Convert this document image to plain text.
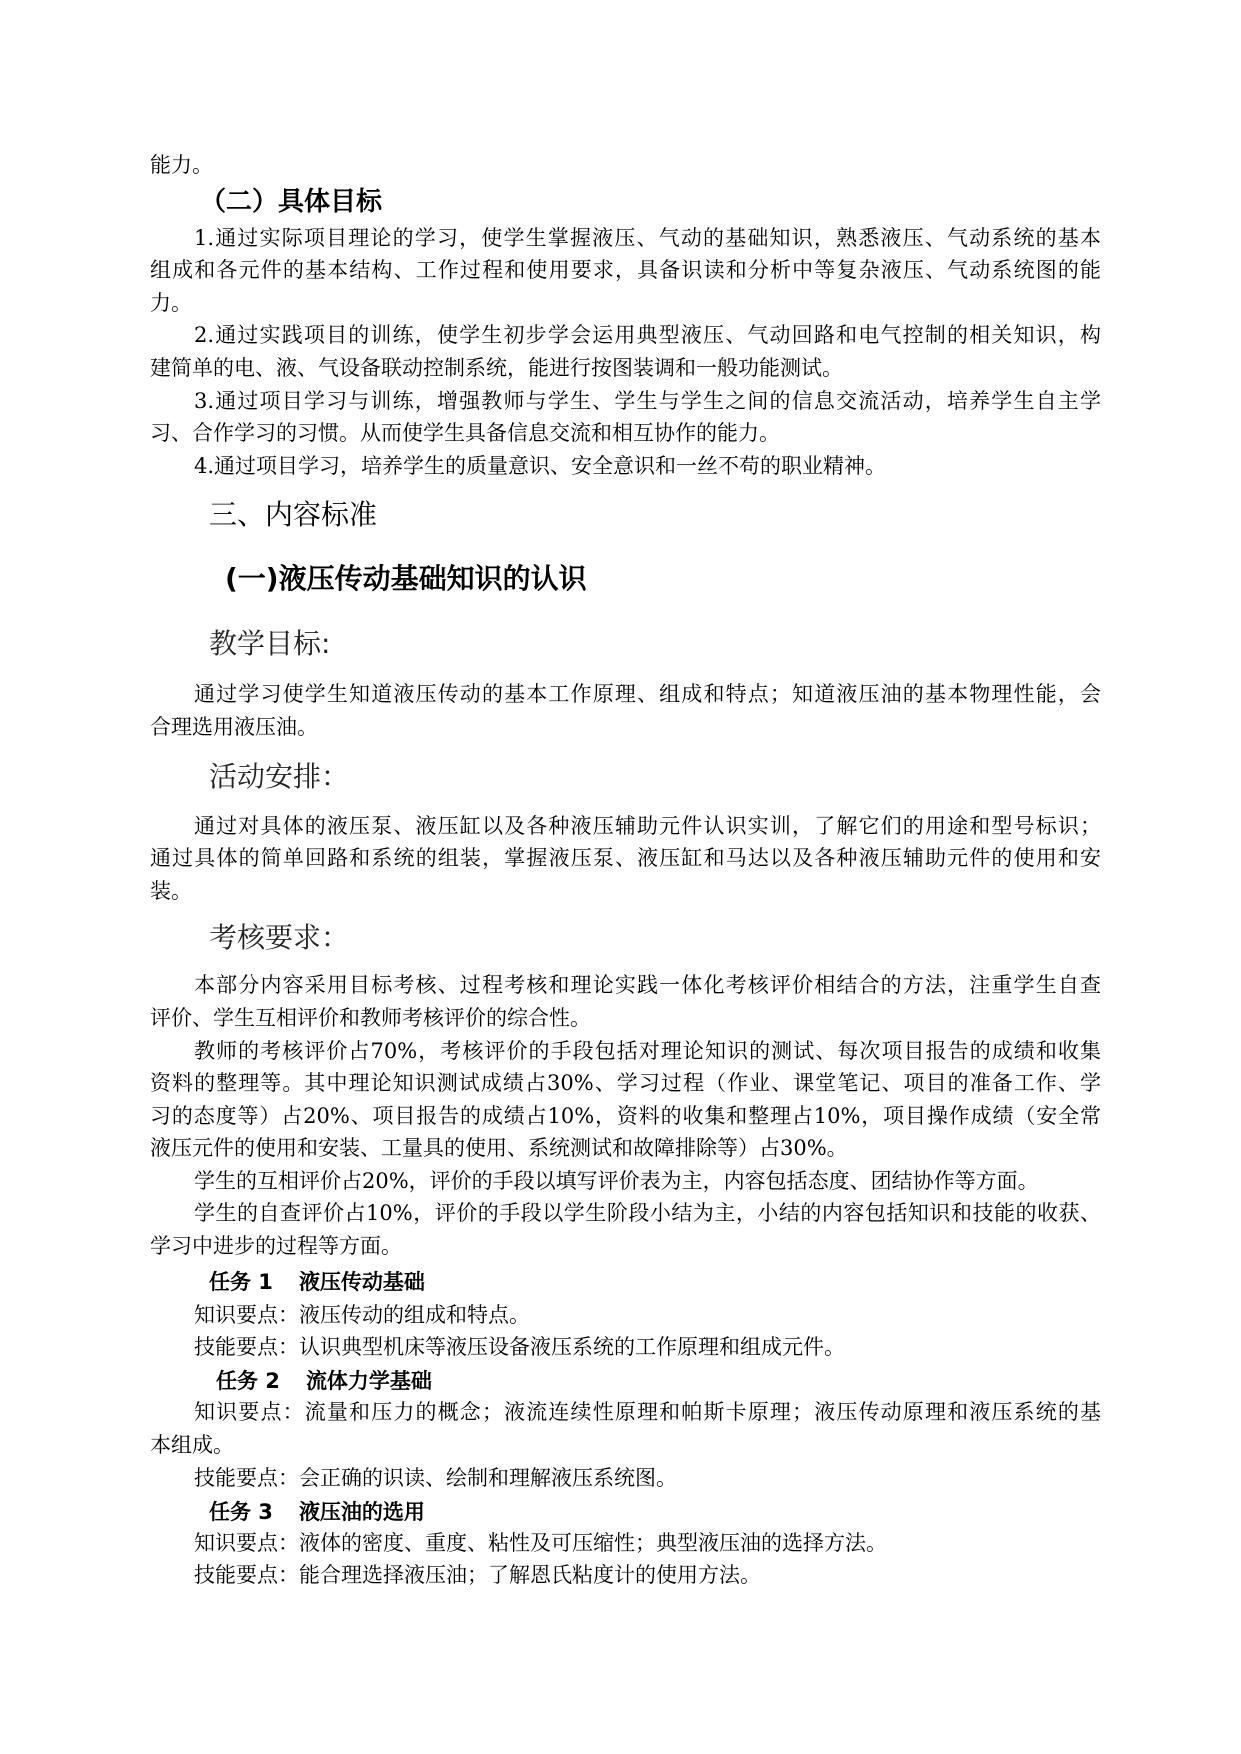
能力。
（二）具体目标
1.通过实际项目理论的学习，使学生掌握液压、气动的基础知识，熟悉液压、气动系统的基本
组成和各元件的基本结构、工作过程和使用要求，具备识读和分析中等复杂液压、气动系统图的能
力。
2.通过实践项目的训练，使学生初步学会运用典型液压、气动回路和电气控制的相关知识，构
建简单的电、液、气设备联动控制系统，能进行按图装调和一般功能测试。
3.通过项目学习与训练，增强教师与学生、学生与学生之间的信息交流活动，培养学生自主学
习、合作学习的习惯。从而使学生具备信息交流和相互协作的能力。
4.通过项目学习，培养学生的质量意识、安全意识和一丝不苟的职业精神。
三、内容标准
(一)液压传动基础知识的认识
教学目标:
通过学习使学生知道液压传动的基本工作原理、组成和特点；知道液压油的基本物理性能，会
合理选用液压油。
活动安排：
通过对具体的液压泵、液压缸以及各种液压辅助元件认识实训，了解它们的用途和型号标识；
通过具体的简单回路和系统的组装，掌握液压泵、液压缸和马达以及各种液压辅助元件的使用和安
装。
考核要求：
本部分内容采用目标考核、过程考核和理论实践一体化考核评价相结合的方法，注重学生自查
评价、学生互相评价和教师考核评价的综合性。
教师的考核评价占70%，考核评价的手段包括对理论知识的测试、每次项目报告的成绩和收集
资料的整理等。其中理论知识测试成绩占30%、学习过程（作业、课堂笔记、项目的准备工作、学
习的态度等）占20%、项目报告的成绩占10%，资料的收集和整理占10%，项目操作成绩（安全常
液压元件的使用和安装、工量具的使用、系统测试和故障排除等）占30%。
学生的互相评价占20%，评价的手段以填写评价表为主，内容包括态度、团结协作等方面。
学生的自查评价占10%，评价的手段以学生阶段小结为主，小结的内容包括知识和技能的收获、
学习中进步的过程等方面。
任务 1 液压传动基础
知识要点：液压传动的组成和特点。
技能要点：认识典型机床等液压设备液压系统的工作原理和组成元件。
任务 2 流体力学基础
知识要点：流量和压力的概念；液流连续性原理和帕斯卡原理；液压传动原理和液压系统的基
本组成。
技能要点：会正确的识读、绘制和理解液压系统图。
任务 3 液压油的选用
知识要点：液体的密度、重度、粘性及可压缩性；典型液压油的选择方法。
技能要点：能合理选择液压油；了解恩氏粘度计的使用方法。
